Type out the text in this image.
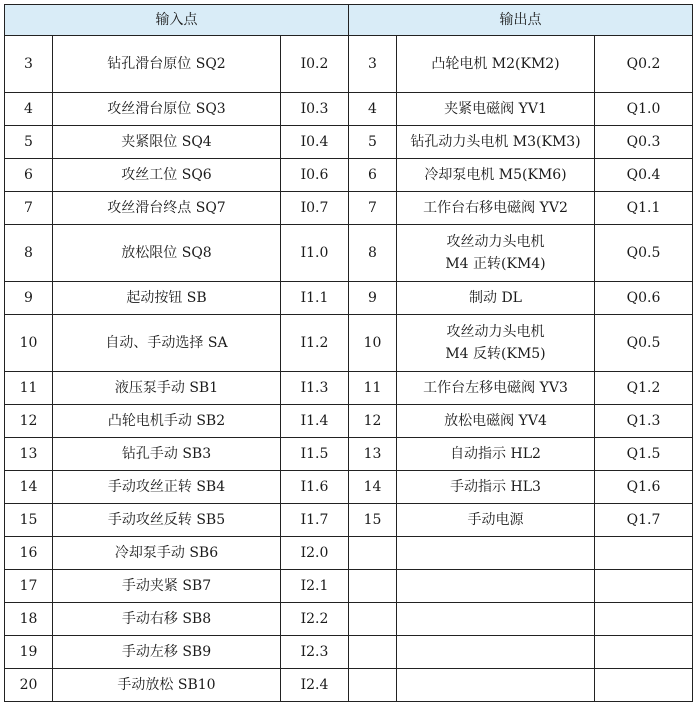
输入点			输出点		
3	钻孔滑台原位 SQ2	I0.2	3	凸轮电机 M2(KM2)	Q0.2
4	攻丝滑台原位 SQ3	I0.3	4	夹紧电磁阀 YV1	Q1.0
5	夹紧限位 SQ4	I0.4	5	钻孔动力头电机 M3(KM3)	Q0.3
6	攻丝工位 SQ6	I0.6	6	冷却泵电机 M5(KM6)	Q0.4
7	攻丝滑台终点 SQ7	I0.7	7	工作台右移电磁阀 YV2	Q1.1
8	放松限位 SQ8	I1.0	8	攻丝动力头电机
M4 正转(KM4)	Q0.5
9	起动按钮 SB	I1.1	9	制动 DL	Q0.6
10	自动、手动选择 SA	I1.2	10	攻丝动力头电机
M4 反转(KM5)	Q0.5
11	液压泵手动 SB1	I1.3	11	工作台左移电磁阀 YV3	Q1.2
12	凸轮电机手动 SB2	I1.4	12	放松电磁阀 YV4	Q1.3
13	钻孔手动 SB3	I1.5	13	自动指示 HL2	Q1.5
14	手动攻丝正转 SB4	I1.6	14	手动指示 HL3	Q1.6
15	手动攻丝反转 SB5	I1.7	15	手动电源	Q1.7
16	冷却泵手动 SB6	I2.0			
17	手动夹紧 SB7	I2.1			
18	手动右移 SB8	I2.2			
19	手动左移 SB9	I2.3			
20	手动放松 SB10	I2.4			
